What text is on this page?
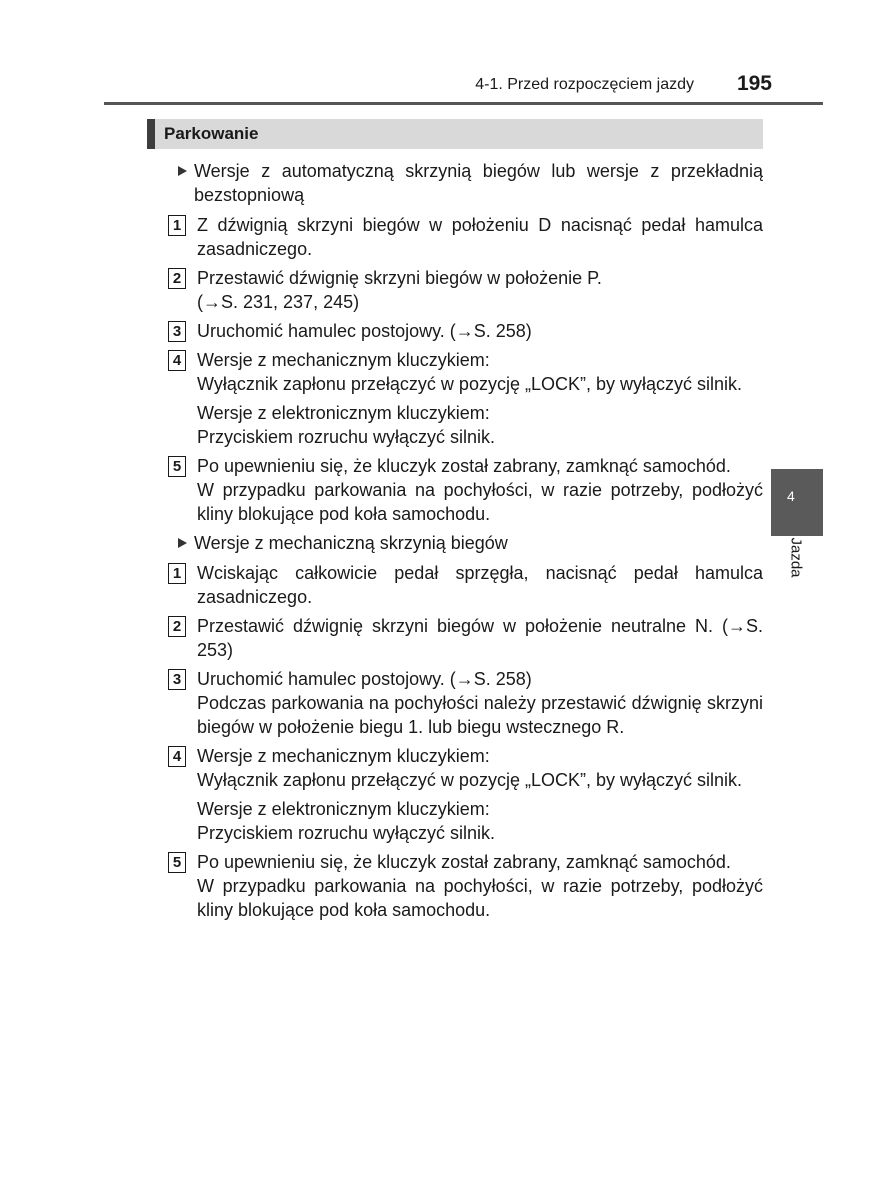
4-1. Przed rozpoczęciem jazdy 195
Parkowanie
Wersje z automatyczną skrzynią biegów lub wersje z przekładnią bezstopniową
1 Z dźwignią skrzyni biegów w położeniu D nacisnąć pedał hamulca zasadniczego.
2 Przestawić dźwignię skrzyni biegów w położenie P.
(→S. 231, 237, 245)
3 Uruchomić hamulec postojowy. (→S. 258)
4 Wersje z mechanicznym kluczykiem:
Wyłącznik zapłonu przełączyć w pozycję „LOCK”, by wyłączyć silnik.
Wersje z elektronicznym kluczykiem:
Przyciskiem rozruchu wyłączyć silnik.
5 Po upewnieniu się, że kluczyk został zabrany, zamknąć samochód.
W przypadku parkowania na pochyłości, w razie potrzeby, podłożyć kliny blokujące pod koła samochodu.
Wersje z mechaniczną skrzynią biegów
1 Wciskając całkowicie pedał sprzęgła, nacisnąć pedał hamulca zasadniczego.
2 Przestawić dźwignię skrzyni biegów w położenie neutralne N. (→S. 253)
3 Uruchomić hamulec postojowy. (→S. 258)
Podczas parkowania na pochyłości należy przestawić dźwignię skrzyni biegów w położenie biegu 1. lub biegu wstecznego R.
4 Wersje z mechanicznym kluczykiem:
Wyłącznik zapłonu przełączyć w pozycję „LOCK”, by wyłączyć silnik.
Wersje z elektronicznym kluczykiem:
Przyciskiem rozruchu wyłączyć silnik.
5 Po upewnieniu się, że kluczyk został zabrany, zamknąć samochód.
W przypadku parkowania na pochyłości, w razie potrzeby, podłożyć kliny blokujące pod koła samochodu.
4
Jazda
